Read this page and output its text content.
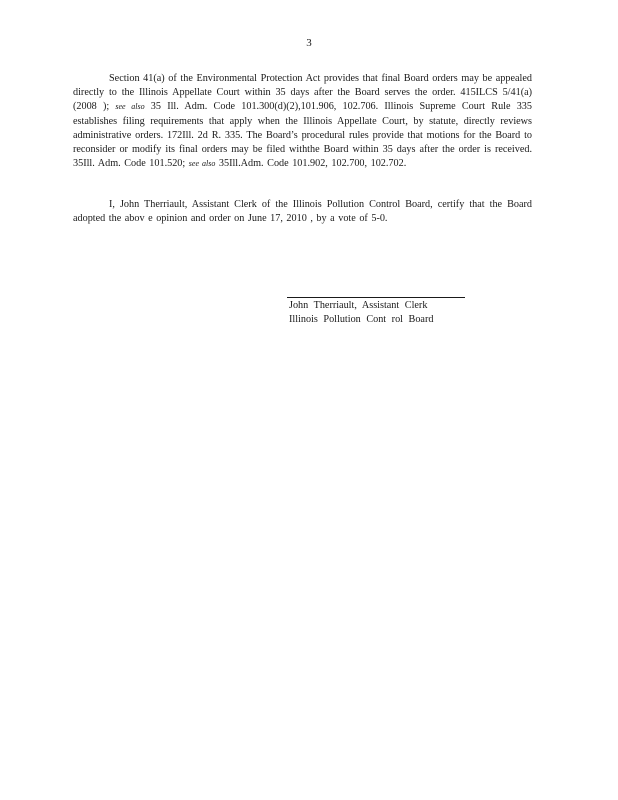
3

Section 41(a) of the Environmental Protection Act provides that final Board orders may be appealed directly to the Illinois Appellate Court within 35 days after the Board serves the order. 415ILCS 5/41(a) (2008 ); see also 35 Ill. Adm. Code 101.300(d)(2),101.906, 102.706. Illinois Supreme Court Rule 335 establishes filing requirements that apply when the Illinois Appellate Court, by statute, directly reviews administrative orders. 172Ill. 2d R. 335. The Board’s procedural rules provide that motions for the Board to reconsider or modify its final orders may be filed withthe Board within 35 days after the order is received. 35Ill. Adm. Code 101.520; see also 35Ill.Adm. Code 101.902, 102.700, 102.702.

I, John Therriault, Assistant Clerk of the Illinois Pollution Control Board, certify that the Board adopted the abov e opinion and order on June 17, 2010 , by a vote of 5-0.

John Therriault, Assistant Clerk
Illinois Pollution Cont rol Board
